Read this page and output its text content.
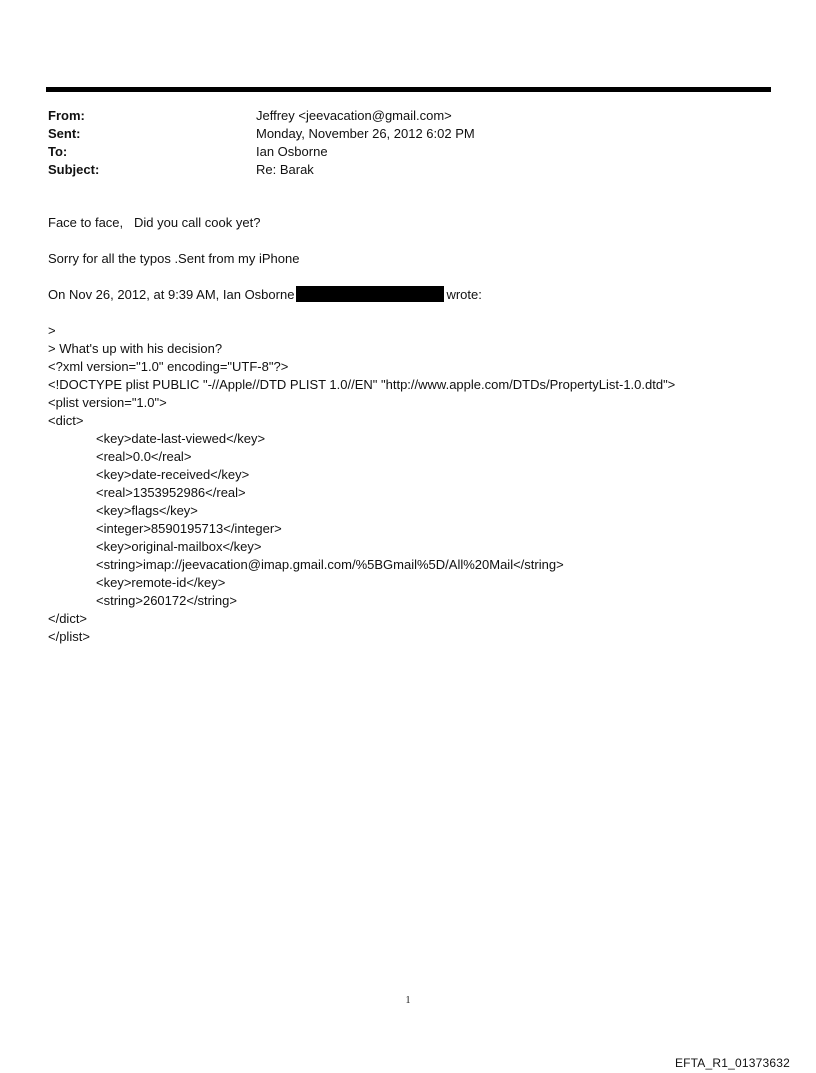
From:	Jeffrey <jeevacation@gmail.com>
Sent:	Monday, November 26, 2012 6:02 PM
To:	Ian Osborne
Subject:	Re: Barak
Face to face,   Did you call cook yet?
Sorry for all the typos .Sent from my iPhone
On Nov 26, 2012, at 9:39 AM, Ian Osborne	wrote:
>
> What's up with his decision?
<?xml version="1.0" encoding="UTF-8"?>
<!DOCTYPE plist PUBLIC "-//Apple//DTD PLIST 1.0//EN" "http://www.apple.com/DTDs/PropertyList-1.0.dtd">
<plist version="1.0">
<dict>
<key>date-last-viewed</key>
<real>0.0</real>
<key>date-received</key>
<real>1353952986</real>
<key>flags</key>
<integer>8590195713</integer>
<key>original-mailbox</key>
<string>imap://jeevacation@imap.gmail.com/%5BGmail%5D/All%20Mail</string>
<key>remote-id</key>
<string>260172</string>
</dict>
</plist>
1
EFTA_R1_01373632
